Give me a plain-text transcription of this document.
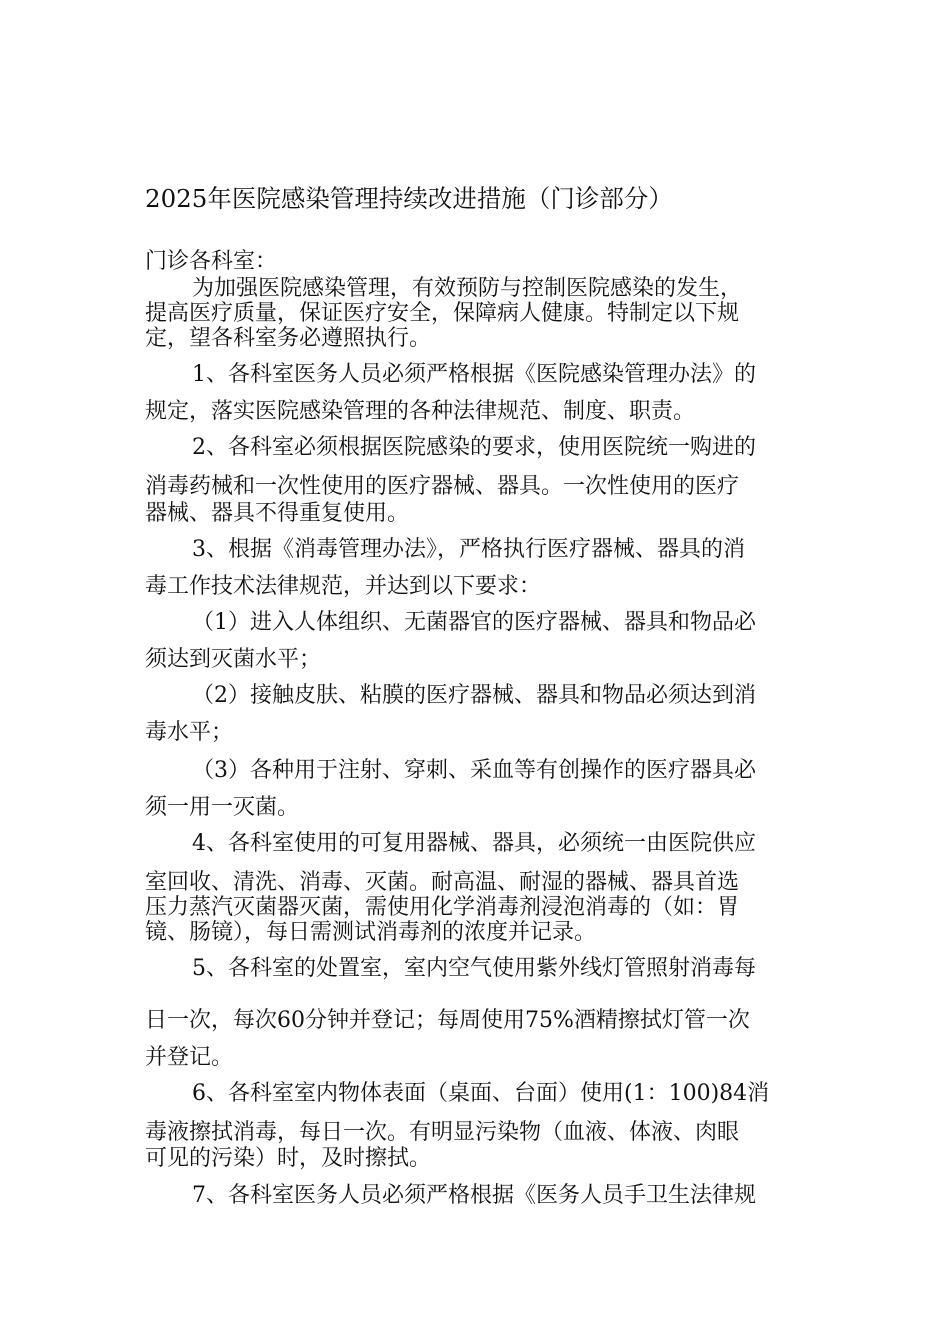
2025年医院感染管理持续改进措施（门诊部分）
门诊各科室：
为加强医院感染管理，有效预防与控制医院感染的发生，
提高医疗质量，保证医疗安全，保障病人健康。特制定以下规
定，望各科室务必遵照执行。
1、各科室医务人员必须严格根据《医院感染管理办法》的
规定，落实医院感染管理的各种法律规范、制度、职责。
2、各科室必须根据医院感染的要求，使用医院统一购进的
消毒药械和一次性使用的医疗器械、器具。一次性使用的医疗
器械、器具不得重复使用。
3、根据《消毒管理办法》，严格执行医疗器械、器具的消
毒工作技术法律规范，并达到以下要求：
（1）进入人体组织、无菌器官的医疗器械、器具和物品必
须达到灭菌水平；
（2）接触皮肤、粘膜的医疗器械、器具和物品必须达到消
毒水平；
（3）各种用于注射、穿刺、采血等有创操作的医疗器具必
须一用一灭菌。
4、各科室使用的可复用器械、器具，必须统一由医院供应
室回收、清洗、消毒、灭菌。耐高温、耐湿的器械、器具首选
压力蒸汽灭菌器灭菌，需使用化学消毒剂浸泡消毒的（如：胃
镜、肠镜），每日需测试消毒剂的浓度并记录。
5、各科室的处置室，室内空气使用紫外线灯管照射消毒每
日一次，每次60分钟并登记；每周使用75%酒精擦拭灯管一次
并登记。
6、各科室室内物体表面（桌面、台面）使用(1：100)84消
毒液擦拭消毒，每日一次。有明显污染物（血液、体液、肉眼
可见的污染）时，及时擦拭。
7、各科室医务人员必须严格根据《医务人员手卫生法律规
